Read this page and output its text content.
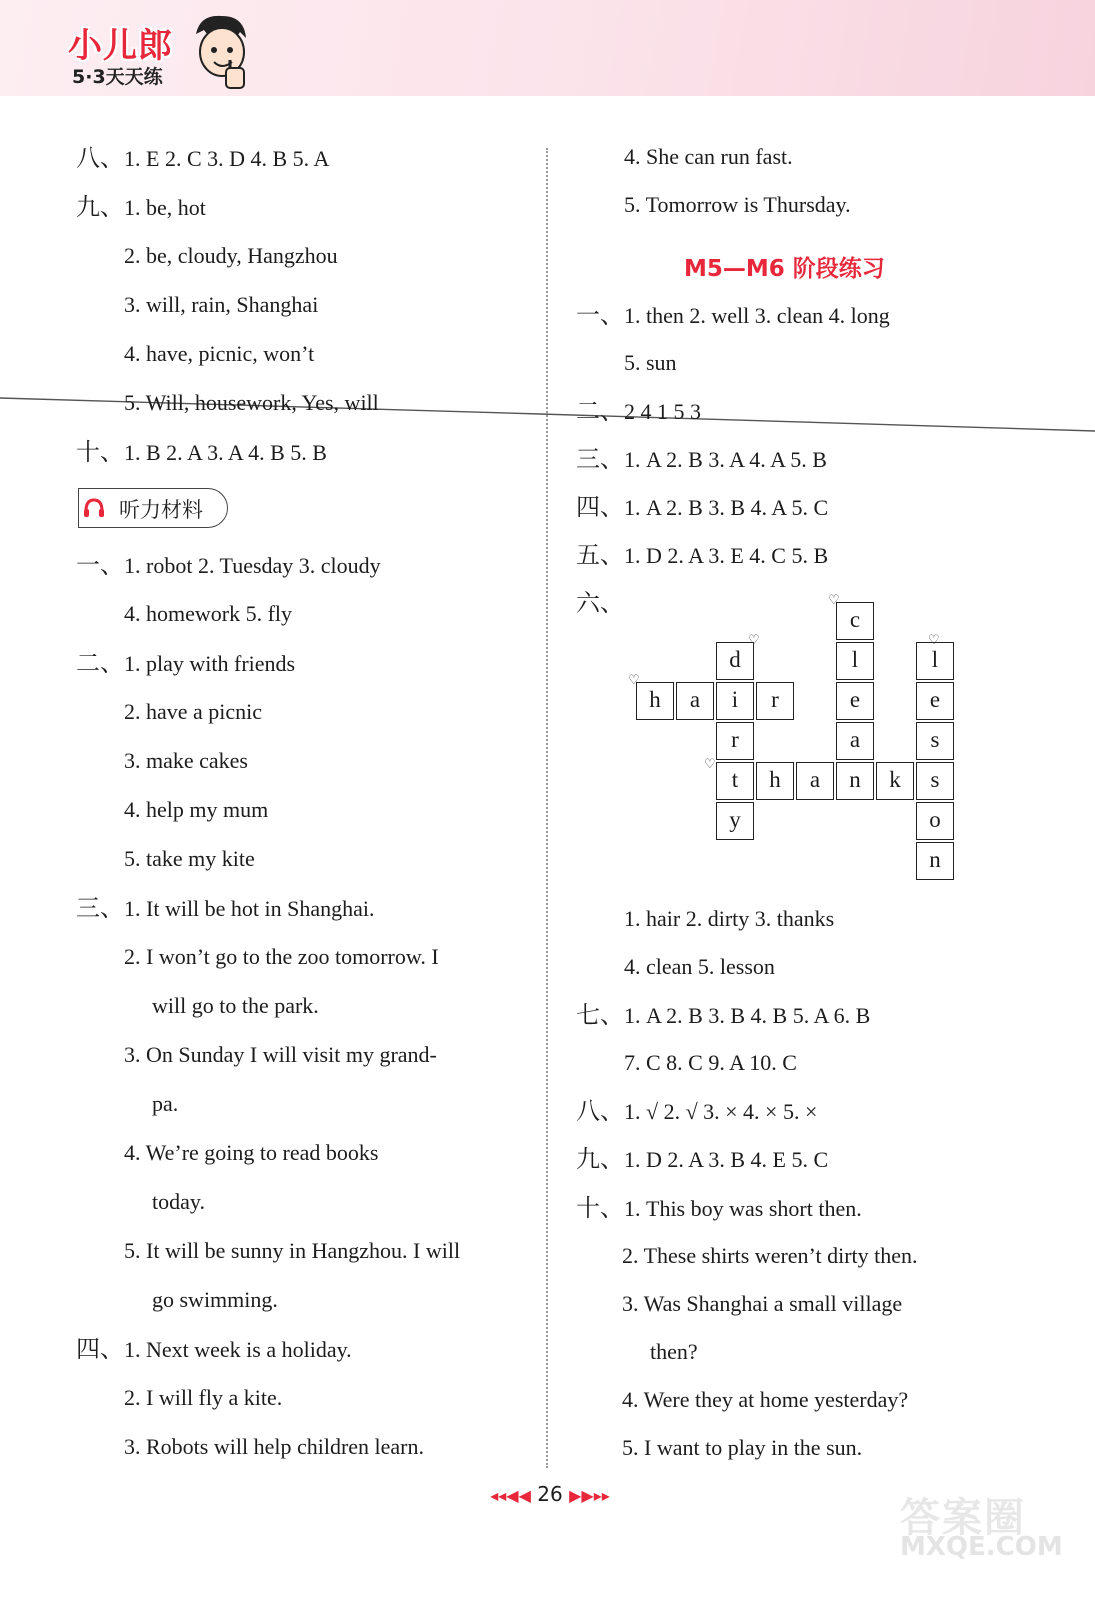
小儿郎
5·3天天练
八、1. E 2. C 3. D 4. B 5. A
九、1. be, hot
2. be, cloudy, Hangzhou
3. will, rain, Shanghai
4. have, picnic, won’t
5. Will, housework, Yes, will
十、1. B 2. A 3. A 4. B 5. B
听力材料
一、1. robot 2. Tuesday 3. cloudy
4. homework 5. fly
二、1. play with friends
2. have a picnic
3. make cakes
4. help my mum
5. take my kite
三、1. It will be hot in Shanghai.
2. I won’t go to the zoo tomorrow. I
will go to the park.
3. On Sunday I will visit my grand-
pa.
4. We’re going to read books
today.
5. It will be sunny in Hangzhou. I will
go swimming.
四、1. Next week is a holiday.
2. I will fly a kite.
3. Robots will help children learn.
4. She can run fast.
5. Tomorrow is Thursday.
M5—M6 阶段练习
一、1. then 2. well 3. clean 4. long
5. sun
二、2 4 1 5 3
三、1. A 2. B 3. A 4. A 5. B
四、1. A 2. B 3. B 4. A 5. C
五、1. D 2. A 3. E 4. C 5. B
六、
c
d	l	l
h	a	i	r	e	e
r	a	s
t	h	a	n	k	s
y	o
n
♡
♡
♡
♡
♡
1. hair 2. dirty 3. thanks
4. clean 5. lesson
七、1. A 2. B 3. B 4. B 5. A 6. B
7. C 8. C 9. A 10. C
八、1. √ 2. √ 3. × 4. × 5. ×
九、1. D 2. A 3. B 4. E 5. C
十、1. This boy was short then.
2. These shirts weren’t dirty then.
3. Was Shanghai a small village
then?
4. Were they at home yesterday?
5. I want to play in the sun.
◂◂◀◀ 26 ▶▶▸▸	答案圈
MXQE.COM
